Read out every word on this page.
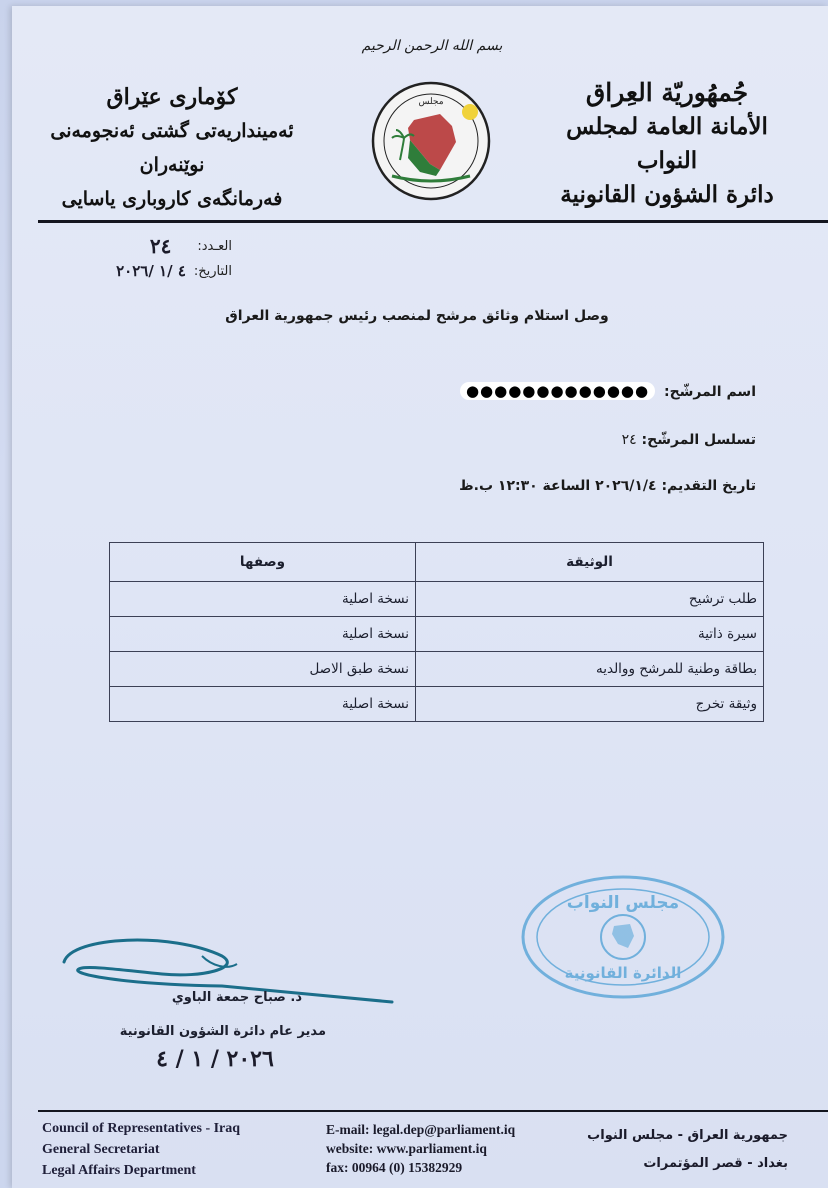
بسم الله الرحمن الرحيم
جُمهُوريّة العِراق
الأمانة العامة لمجلس النواب
دائرة الشؤون القانونية
كۆماری عێراق
ئەمینداریەتی گشتی ئەنجومەنی نوێنەران
فەرمانگەی كاروباری یاسایی
مجلس
العـدد:
٢٤
التاريخ:
٤ /١ /٢٠٢٦
وصل استلام وثائق مرشح لمنصب رئيس جمهورية العراق
اسم المرشّح: ●●●●●●●●●●●●●
تسلسل المرشّح: ٢٤
تاريخ التقديم: ٢٠٢٦/١/٤ الساعة ١٢:٣٠ ب.ظ
الوثيقة	وصفها
طلب ترشيح	نسخة اصلية
سيرة ذاتية	نسخة اصلية
بطاقة وطنية للمرشح ووالديه	نسخة طبق الاصل
وثيقة تخرج	نسخة اصلية
مجلس النواب
الدائرة القانونية
د. صباح جمعة الباوي
مدير عام دائرة الشؤون القانونية
٢٠٢٦ / ١ / ٤
Council of Representatives - Iraq
General Secretariat
Legal Affairs Department
E-mail: legal.dep@parliament.iq
website: www.parliament.iq
fax: 00964 (0) 15382929
جمهورية العراق - مجلس النواب
بغداد - قصر المؤتمرات
